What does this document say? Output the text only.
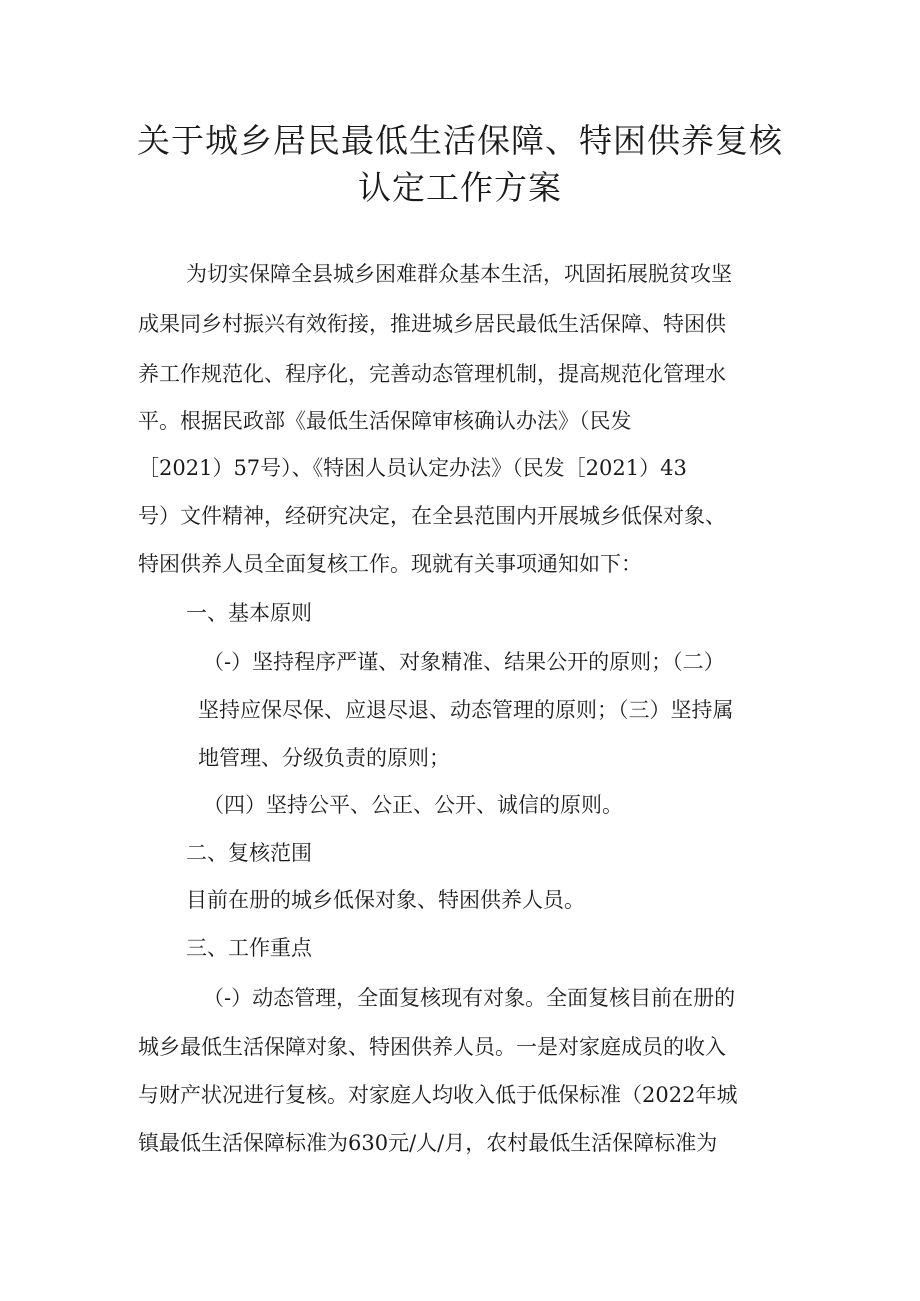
关于城乡居民最低生活保障、特困供养复核
认定工作方案
为切实保障全县城乡困难群众基本生活，巩固拓展脱贫攻坚
成果同乡村振兴有效衔接，推进城乡居民最低生活保障、特困供
养工作规范化、程序化，完善动态管理机制，提高规范化管理水
平。根据民政部《最低生活保障审核确认办法》（民发
［2021）57号）、《特困人员认定办法》（民发［2021）43
号）文件精神，经研究决定，在全县范围内开展城乡低保对象、
特困供养人员全面复核工作。现就有关事项通知如下：
一、基本原则
（-）坚持程序严谨、对象精准、结果公开的原则；（二）
坚持应保尽保、应退尽退、动态管理的原则；（三）坚持属
地管理、分级负责的原则；
（四）坚持公平、公正、公开、诚信的原则。
二、复核范围
目前在册的城乡低保对象、特困供养人员。
三、工作重点
（-）动态管理，全面复核现有对象。全面复核目前在册的
城乡最低生活保障对象、特困供养人员。一是对家庭成员的收入
与财产状况进行复核。对家庭人均收入低于低保标准（2022年城
镇最低生活保障标准为630元/人/月，农村最低生活保障标准为
